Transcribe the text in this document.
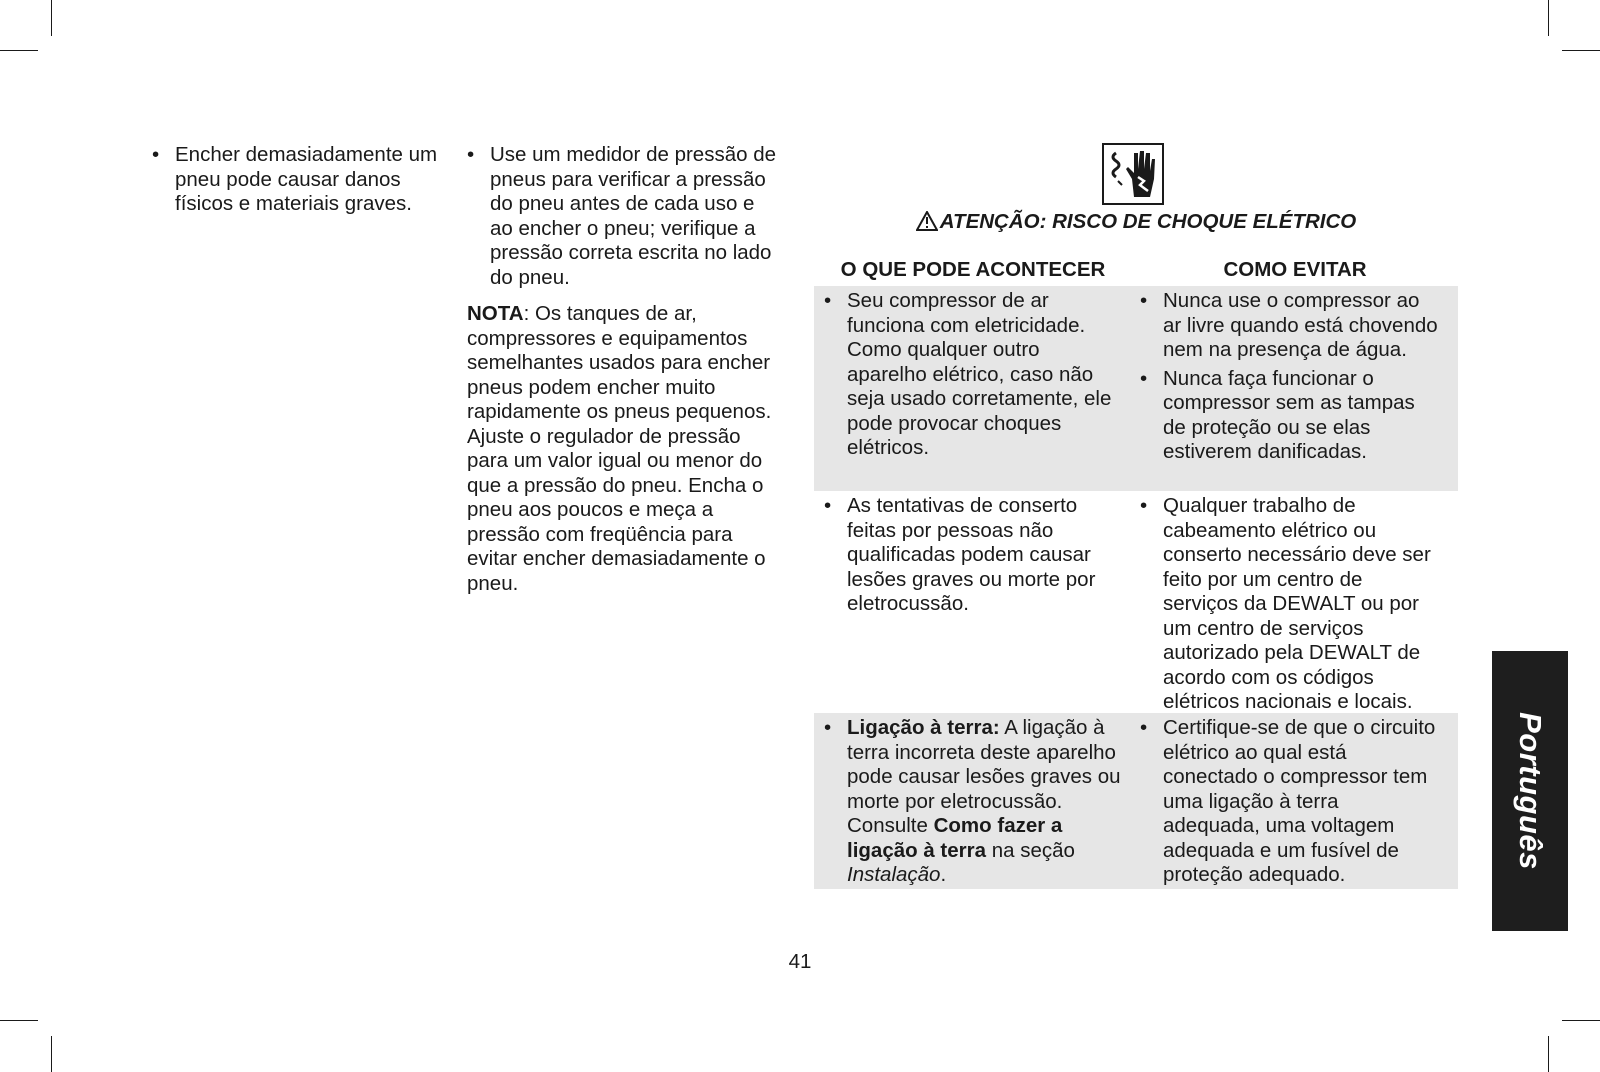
• Encher demasiadamente um pneu pode causar danos físicos e materiais graves.

• Use um medidor de pressão de pneus para verificar a pressão do pneu antes de cada uso e ao encher o pneu; verifique a pressão correta escrita no lado do pneu.

NOTA: Os tanques de ar, compressores e equipamentos semelhantes usados para encher pneus podem encher muito rapidamente os pneus pequenos. Ajuste o regulador de pressão para um valor igual ou menor do que a pressão do pneu. Encha o pneu aos poucos e meça a pressão com freqüência para evitar encher demasiadamente o pneu.

ATENÇÃO: RISCO DE CHOQUE ELÉTRICO
O QUE PODE ACONTECER	COMO EVITAR

• Seu compressor de ar funciona com eletricidade. Como qualquer outro aparelho elétrico, caso não seja usado corretamente, ele pode provocar choques elétricos.

• Nunca use o compressor ao ar livre quando está chovendo nem na presença de água.

• Nunca faça funcionar o compressor sem as tampas de proteção ou se elas estiverem danificadas.

• As tentativas de conserto feitas por pessoas não qualificadas podem causar lesões graves ou morte por eletrocussão.

• Qualquer trabalho de cabeamento elétrico ou conserto necessário deve ser feito por um centro de serviços da DEWALT ou por um centro de serviços autorizado pela DEWALT de acordo com os códigos elétricos nacionais e locais.

• Ligação à terra: A ligação à terra incorreta deste aparelho pode causar lesões graves ou morte por eletrocussão. Consulte Como fazer a ligação à terra na seção Instalação.

• Certifique-se de que o circuito elétrico ao qual está conectado o compressor tem uma ligação à terra adequada, uma voltagem adequada e um fusível de proteção adequado.

41
Português
